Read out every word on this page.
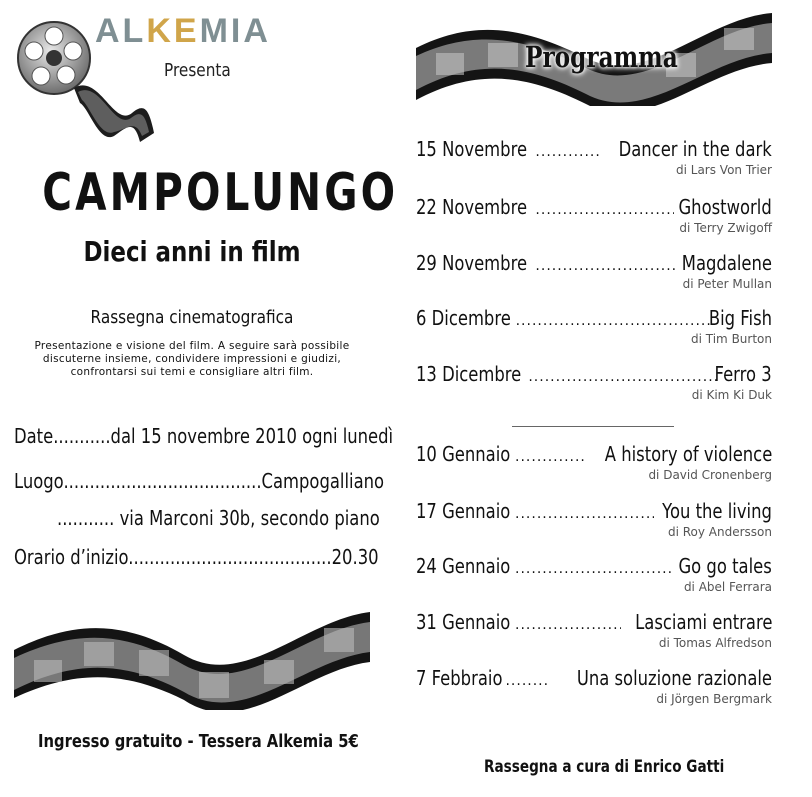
ALKEMIA
Presenta
CAMPOLUNGO
Dieci anni in film
Rassegna cinematografica
Presentazione e visione del film. A seguire sarà possibile
discuterne insieme, condividere impressioni e giudizi,
confrontarsi sui temi e consigliare altri film.
Date...........dal 15 novembre 2010 ogni lunedì
Luogo......................................Campogalliano
........... via Marconi 30b, secondo piano
Orario d’inizio.......................................20.30
Ingresso gratuito - Tessera Alkemia 5€
Programma
15 Novembre .....	Dancer in the dark
di Lars Von Trier
22 Novembre .....	Ghostworld
di Terry Zwigoff
29 Novembre .....	Magdalene
di Peter Mullan
6 Dicembre .....	Big Fish
di Tim Burton
13 Dicembre .....	Ferro 3
di Kim Ki Duk
10 Gennaio .....	A history of violence
di David Cronenberg
17 Gennaio .....	You the living
di Roy Andersson
24 Gennaio .....	Go go tales
di Abel Ferrara
31 Gennaio .....	Lasciami entrare
di Tomas Alfredson
7 Febbraio .....	Una soluzione razionale
di Jörgen Bergmark
Rassegna a cura di Enrico Gatti
